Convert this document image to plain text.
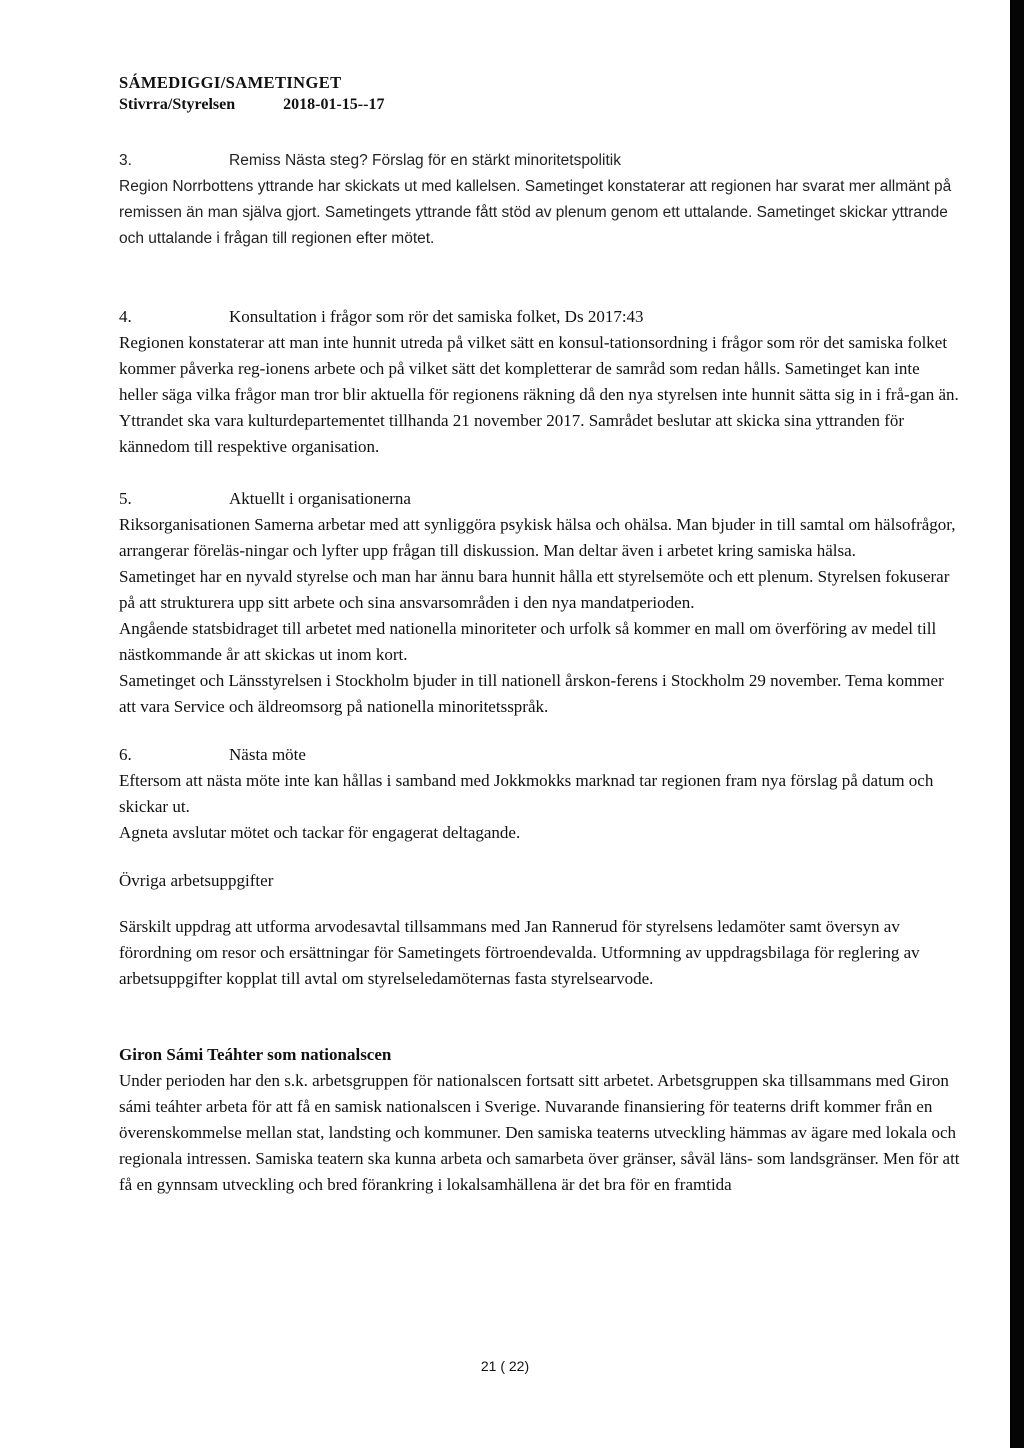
SÁMEDIGGI/SAMETINGET
Stivrra/Styrelsen	2018-01-15--17
3.	Remiss Nästa steg? Förslag för en stärkt minoritetspolitik

Region Norrbottens yttrande har skickats ut med kallelsen. Sametinget konstaterar att regionen har svarat mer allmänt på remissen än man själva gjort. Sametingets yttrande fått stöd av plenum genom ett uttalande. Sametinget skickar yttrande och uttalande i frågan till regionen efter mötet.

4.	Konsultation i frågor som rör det samiska folket, Ds 2017:43

Regionen konstaterar att man inte hunnit utreda på vilket sätt en konsul-tationsordning i frågor som rör det samiska folket kommer påverka reg-ionens arbete och på vilket sätt det kompletterar de samråd som redan hålls. Sametinget kan inte heller säga vilka frågor man tror blir aktuella för regionens räkning då den nya styrelsen inte hunnit sätta sig in i frå-gan än.

Yttrandet ska vara kulturdepartementet tillhanda 21 november 2017. Samrådet beslutar att skicka sina yttranden för kännedom till respektive organisation.

5.	Aktuellt i organisationerna

Riksorganisationen Samerna arbetar med att synliggöra psykisk hälsa och ohälsa. Man bjuder in till samtal om hälsofrågor, arrangerar föreläs-ningar och lyfter upp frågan till diskussion. Man deltar även i arbetet kring samiska hälsa.

Sametinget har en nyvald styrelse och man har ännu bara hunnit hålla ett styrelsemöte och ett plenum. Styrelsen fokuserar på att strukturera upp sitt arbete och sina ansvarsområden i den nya mandatperioden.

Angående statsbidraget till arbetet med nationella minoriteter och urfolk så kommer en mall om överföring av medel till nästkommande år att skickas ut inom kort.

Sametinget och Länsstyrelsen i Stockholm bjuder in till nationell årskon-ferens i Stockholm 29 november. Tema kommer att vara Service och äldreomsorg på nationella minoritetsspråk.

6.	Nästa möte

Eftersom att nästa möte inte kan hållas i samband med Jokkmokks marknad tar regionen fram nya förslag på datum och skickar ut.

Agneta avslutar mötet och tackar för engagerat deltagande.

Övriga arbetsuppgifter

Särskilt uppdrag att utforma arvodesavtal tillsammans med Jan Rannerud för styrelsens ledamöter samt översyn av förordning om resor och ersättningar för Sametingets förtroendevalda. Utformning av uppdragsbilaga för reglering av arbetsuppgifter kopplat till avtal om styrelseledamöternas fasta styrelsearvode.

Giron Sámi Teáhter som nationalscen

Under perioden har den s.k. arbetsgruppen för nationalscen fortsatt sitt arbetet. Arbetsgruppen ska tillsammans med Giron sámi teáhter arbeta för att få en samisk nationalscen i Sverige. Nuvarande finansiering för teaterns drift kommer från en överenskommelse mellan stat, landsting och kommuner. Den samiska teaterns utveckling hämmas av ägare med lokala och regionala intressen. Samiska teatern ska kunna arbeta och samarbeta över gränser, såväl läns- som landsgränser. Men för att få en gynnsam utveckling och bred förankring i lokalsamhällena är det bra för en framtida

21 ( 22)
